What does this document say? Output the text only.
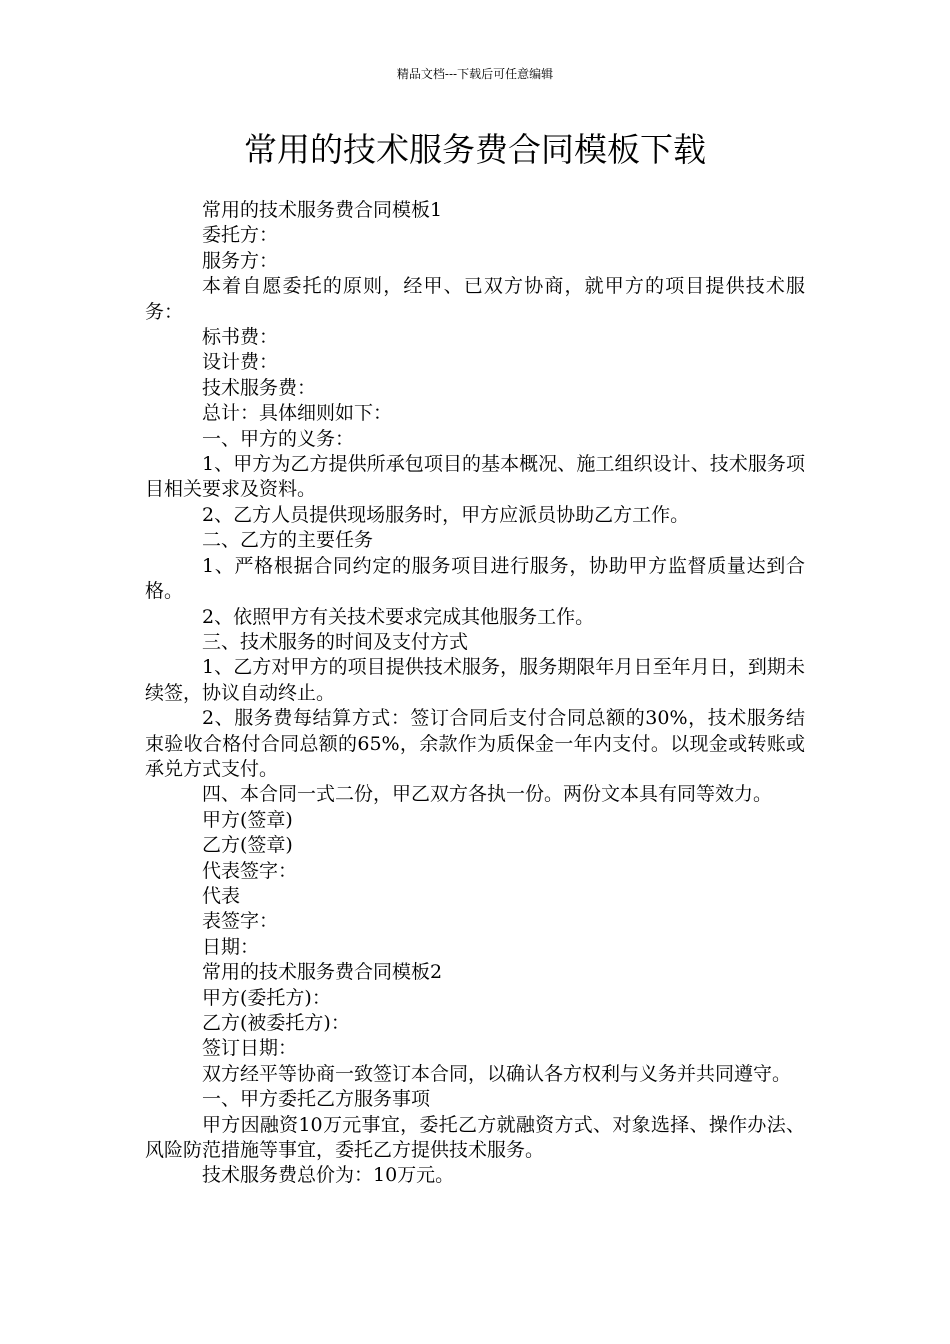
精品文档---下载后可任意编辑
常用的技术服务费合同模板下载

常用的技术服务费合同模板1

委托方：

服务方：

本着自愿委托的原则，经甲、已双方协商，就甲方的项目提供技术服务：

标书费：

设计费：

技术服务费：

总计：具体细则如下：

一、甲方的义务：

1、甲方为乙方提供所承包项目的基本概况、施工组织设计、技术服务项目相关要求及资料。

2、乙方人员提供现场服务时，甲方应派员协助乙方工作。

二、乙方的主要任务

1、严格根据合同约定的服务项目进行服务，协助甲方监督质量达到合格。

2、依照甲方有关技术要求完成其他服务工作。

三、技术服务的时间及支付方式

1、乙方对甲方的项目提供技术服务，服务期限年月日至年月日，到期未续签，协议自动终止。

2、服务费每结算方式：签订合同后支付合同总额的30%，技术服务结束验收合格付合同总额的65%，余款作为质保金一年内支付。以现金或转账或承兑方式支付。

四、本合同一式二份，甲乙双方各执一份。两份文本具有同等效力。

甲方(签章)

乙方(签章)

代表签字：

代表

表签字：

日期：

常用的技术服务费合同模板2

甲方(委托方)：

乙方(被委托方)：

签订日期：

双方经平等协商一致签订本合同，以确认各方权利与义务并共同遵守。

一、甲方委托乙方服务事项

甲方因融资10万元事宜，委托乙方就融资方式、对象选择、操作办法、风险防范措施等事宜，委托乙方提供技术服务。

技术服务费总价为：10万元。
